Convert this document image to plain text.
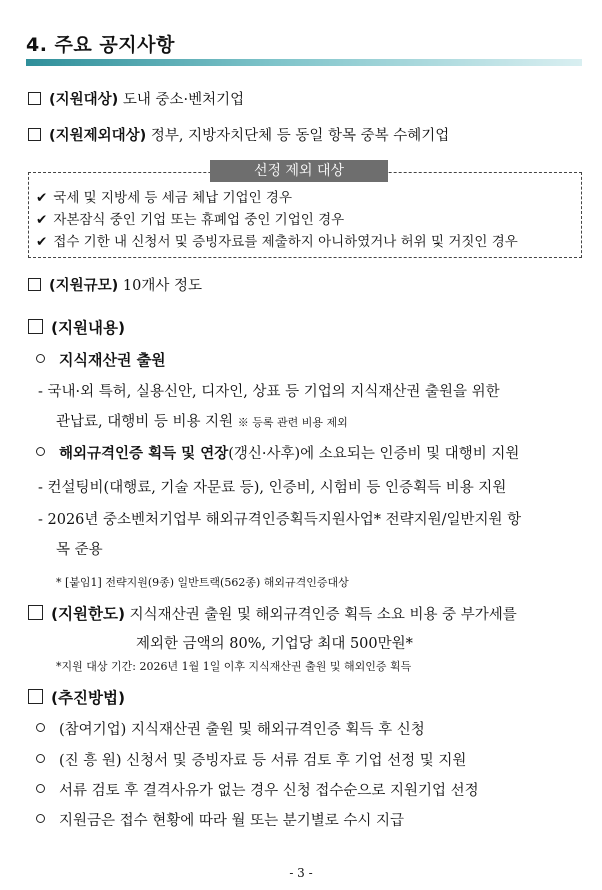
4. 주요 공지사항
(지원대상) 도내 중소·벤처기업
(지원제외대상) 정부, 지방자치단체 등 동일 항목 중복 수혜기업
선정 제외 대상
✔ 국세 및 지방세 등 세금 체납 기업인 경우
✔ 자본잠식 중인 기업 또는 휴폐업 중인 기업인 경우
✔ 접수 기한 내 신청서 및 증빙자료를 제출하지 아니하였거나 허위 및 거짓인 경우
(지원규모) 10개사 정도
(지원내용)
지식재산권 출원
- 국내·외 특허, 실용신안, 디자인, 상표 등 기업의 지식재산권 출원을 위한
관납료, 대행비 등 비용 지원 ※ 등록 관련 비용 제외
해외규격인증 획득 및 연장(갱신·사후)에 소요되는 인증비 및 대행비 지원
- 컨설팅비(대행료, 기술 자문료 등), 인증비, 시험비 등 인증획득 비용 지원
- 2026년 중소벤처기업부 해외규격인증획득지원사업* 전략지원/일반지원 항
목 준용
* [붙임1] 전략지원(9종) 일반트랙(562종) 해외규격인증대상
(지원한도) 지식재산권 출원 및 해외규격인증 획득 소요 비용 중 부가세를
제외한 금액의 80%, 기업당 최대 500만원*
*지원 대상 기간: 2026년 1월 1일 이후 지식재산권 출원 및 해외인증 획득
(추진방법)
(참여기업) 지식재산권 출원 및 해외규격인증 획득 후 신청
(진 흥 원) 신청서 및 증빙자료 등 서류 검토 후 기업 선정 및 지원
서류 검토 후 결격사유가 없는 경우 신청 접수순으로 지원기업 선정
지원금은 접수 현황에 따라 월 또는 분기별로 수시 지급
- 3 -
